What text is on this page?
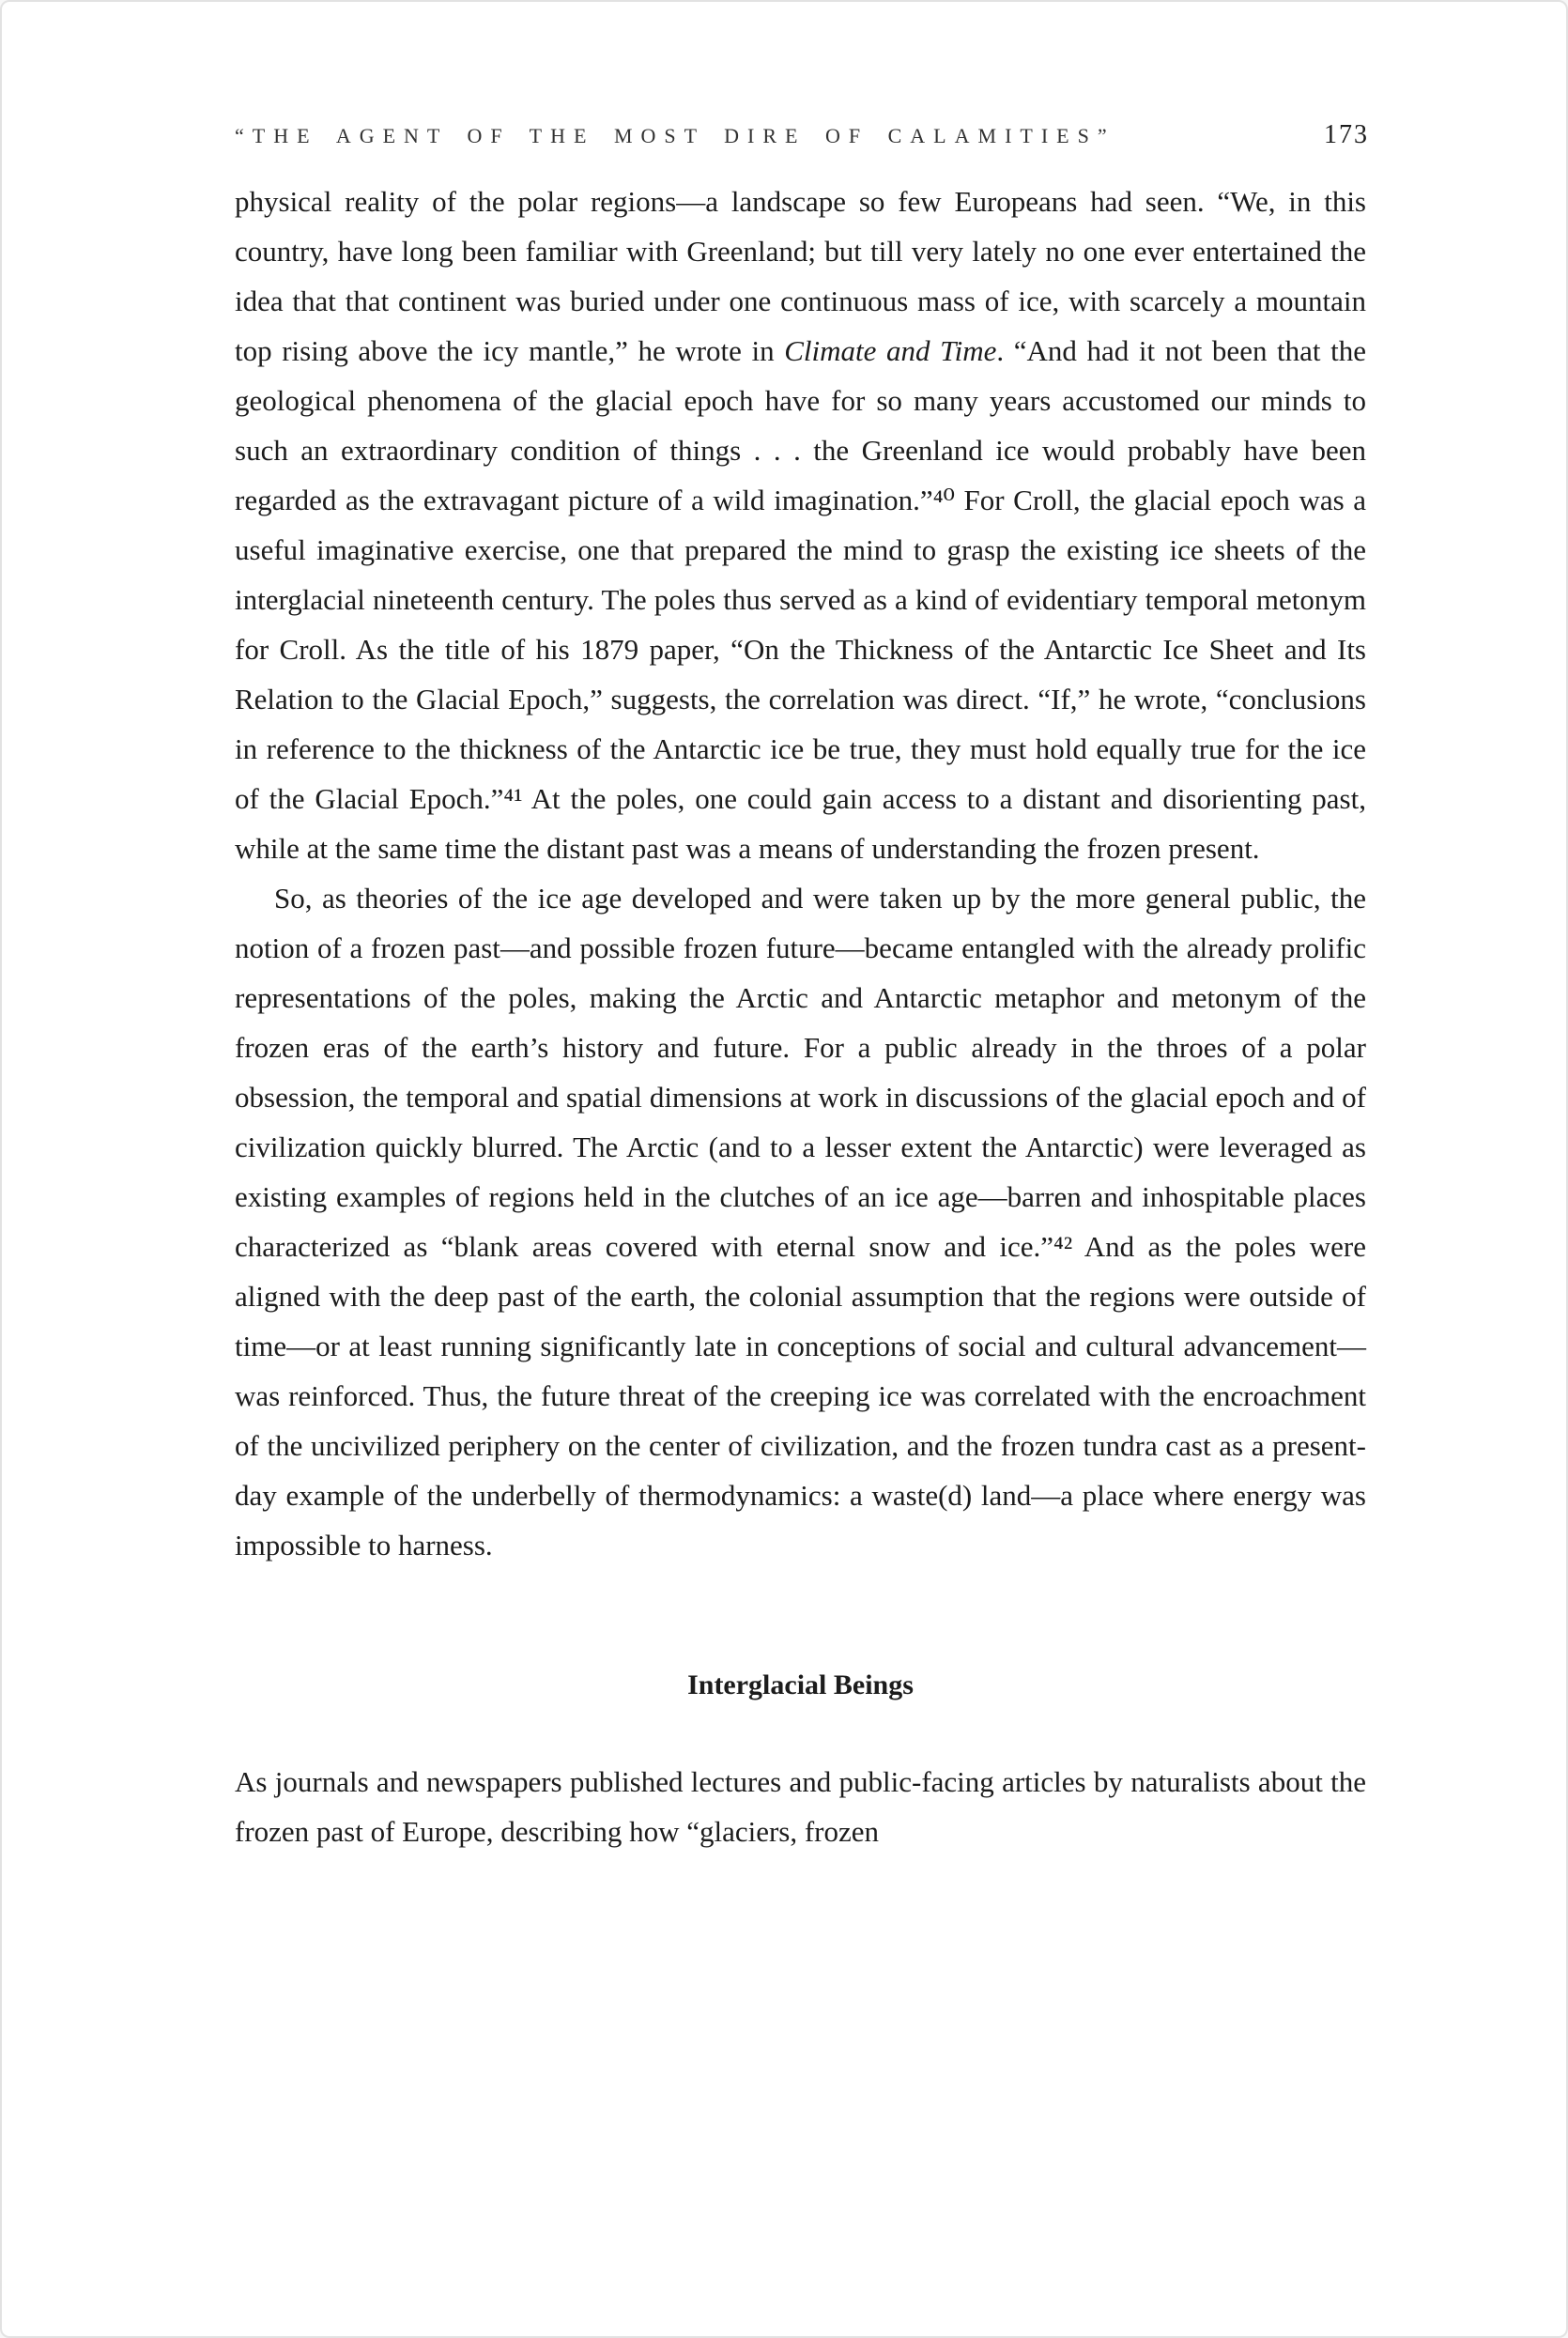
“THE AGENT OF THE MOST DIRE OF CALAMITIES”	173

physical reality of the polar regions—a landscape so few Europeans had seen. “We, in this country, have long been familiar with Greenland; but till very lately no one ever entertained the idea that that continent was buried under one continuous mass of ice, with scarcely a mountain top rising above the icy mantle,” he wrote in Climate and Time. “And had it not been that the geological phenomena of the glacial epoch have for so many years accustomed our minds to such an extraordinary condition of things . . . the Greenland ice would probably have been regarded as the extravagant picture of a wild imagination.”⁴⁰ For Croll, the glacial epoch was a useful imaginative exercise, one that prepared the mind to grasp the existing ice sheets of the interglacial nineteenth century. The poles thus served as a kind of evidentiary temporal metonym for Croll. As the title of his 1879 paper, “On the Thickness of the Antarctic Ice Sheet and Its Relation to the Glacial Epoch,” suggests, the correlation was direct. “If,” he wrote, “conclusions in reference to the thickness of the Antarctic ice be true, they must hold equally true for the ice of the Glacial Epoch.”⁴¹ At the poles, one could gain access to a distant and disorienting past, while at the same time the distant past was a means of understanding the frozen present.

So, as theories of the ice age developed and were taken up by the more general public, the notion of a frozen past—and possible frozen future—became entangled with the already prolific representations of the poles, making the Arctic and Antarctic metaphor and metonym of the frozen eras of the earth’s history and future. For a public already in the throes of a polar obsession, the temporal and spatial dimensions at work in discussions of the glacial epoch and of civilization quickly blurred. The Arctic (and to a lesser extent the Antarctic) were leveraged as existing examples of regions held in the clutches of an ice age—barren and inhospitable places characterized as “blank areas covered with eternal snow and ice.”⁴² And as the poles were aligned with the deep past of the earth, the colonial assumption that the regions were outside of time—or at least running significantly late in conceptions of social and cultural advancement—was reinforced. Thus, the future threat of the creeping ice was correlated with the encroachment of the uncivilized periphery on the center of civilization, and the frozen tundra cast as a present-day example of the underbelly of thermodynamics: a waste(d) land—a place where energy was impossible to harness.

Interglacial Beings

As journals and newspapers published lectures and public-facing articles by naturalists about the frozen past of Europe, describing how “glaciers, frozen
